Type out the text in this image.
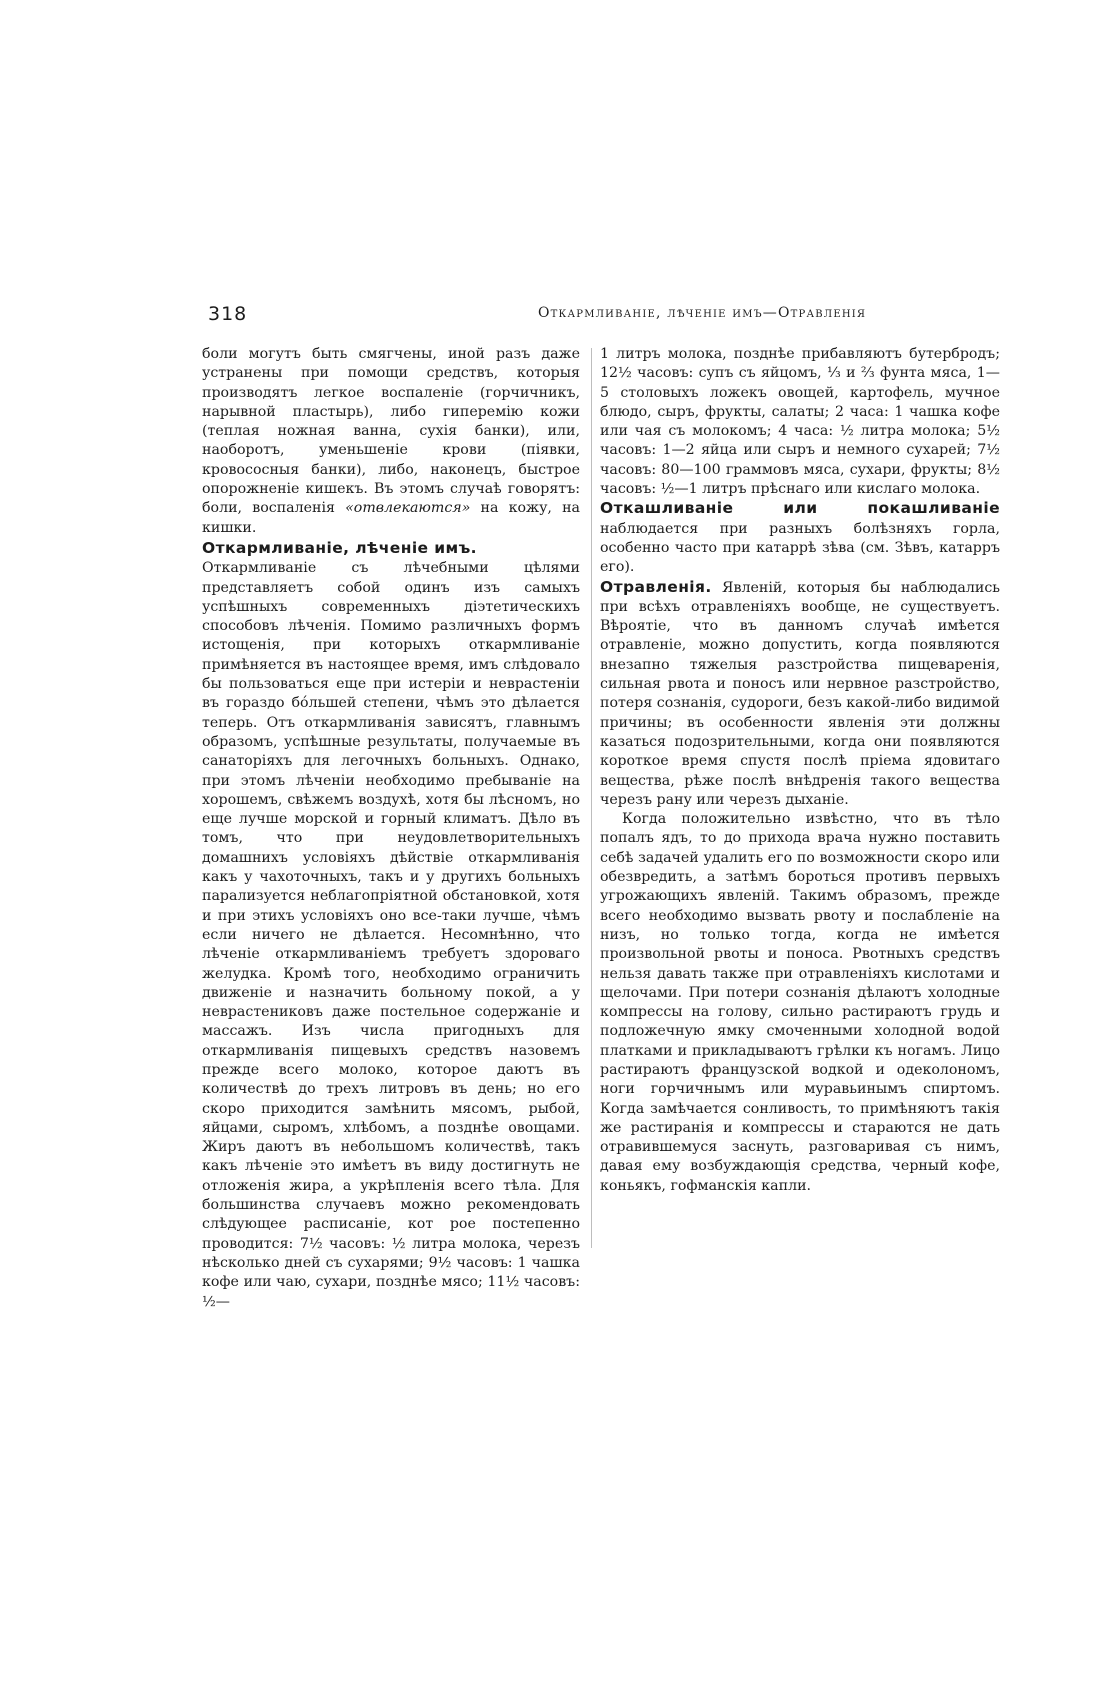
318	Откармливаніе, лѣченіе имъ—Отравленія

боли могутъ быть смягчены, иной разъ даже устранены при помощи средствъ, которыя производятъ легкое воспаленіе (горчичникъ, нарывной пластырь), либо гиперемію кожи (теплая ножная ванна, сухія банки), или, наоборотъ, уменьшеніе крови (піявки, кровососныя банки), либо, наконецъ, быстрое опорожненіе кишекъ. Въ этомъ случаѣ говорятъ: боли, воспаленія «отвлекаются» на кожу, на кишки.

Откармливаніе, лѣченіе имъ.

Откармливаніе съ лѣчебными цѣлями представляетъ собой одинъ изъ самыхъ успѣшныхъ современныхъ діэтетическихъ способовъ лѣченія. Помимо различныхъ формъ истощенія, при которыхъ откармливаніе примѣняется въ настоящее время, имъ слѣдовало бы пользоваться еще при истеріи и неврастеніи въ гораздо бóльшей степени, чѣмъ это дѣлается теперь. Отъ откармливанія зависятъ, главнымъ образомъ, успѣшные результаты, получаемые въ санаторіяхъ для легочныхъ больныхъ. Однако, при этомъ лѣченіи необходимо пребываніе на хорошемъ, свѣжемъ воздухѣ, хотя бы лѣсномъ, но еще лучше морской и горный климатъ. Дѣло въ томъ, что при неудовлетворительныхъ домашнихъ условіяхъ дѣйствіе откармливанія какъ у чахоточныхъ, такъ и у другихъ больныхъ парализуется неблагопріятной обстановкой, хотя и при этихъ условіяхъ оно все-таки лучше, чѣмъ если ничего не дѣлается. Несомнѣнно, что лѣченіе откармливаніемъ требуетъ здороваго желудка. Кромѣ того, необходимо ограничить движеніе и назначить больному покой, а у неврастениковъ даже постельное содержаніе и массажъ. Изъ числа пригодныхъ для откармливанія пищевыхъ средствъ назовемъ прежде всего молоко, которое даютъ въ количествѣ до трехъ литровъ въ день; но его скоро приходится замѣнить мясомъ, рыбой, яйцами, сыромъ, хлѣбомъ, а позднѣе овощами. Жиръ даютъ въ небольшомъ количествѣ, такъ какъ лѣченіе это имѣетъ въ виду достигнуть не отложенія жира, а укрѣпленія всего тѣла. Для большинства случаевъ можно рекомендовать слѣдующее расписаніе, кот рое постепенно проводится: 7½ часовъ: ½ литра молока, черезъ нѣсколько дней съ сухарями; 9½ часовъ: 1 чашка кофе или чаю, сухари, позднѣе мясо; 11½ часовъ: ½—

1 литръ молока, позднѣе прибавляютъ бутербродъ; 12½ часовъ: супъ съ яйцомъ, ⅓ и ⅔ фунта мяса, 1—5 столовыхъ ложекъ овощей, картофель, мучное блюдо, сыръ, фрукты, салаты; 2 часа: 1 чашка кофе или чая съ молокомъ; 4 часа: ½ литра молока; 5½ часовъ: 1—2 яйца или сыръ и немного сухарей; 7½ часовъ: 80—100 граммовъ мяса, сухари, фрукты; 8½ часовъ: ½—1 литръ прѣснаго или кислаго молока.

Откашливаніе или покашливаніе наблюдается при разныхъ болѣзняхъ горла, особенно часто при катаррѣ зѣва (см. Зѣвъ, катарръ его).

Отравленія. Явленій, которыя бы наблюдались при всѣхъ отравленіяхъ вообще, не существуетъ. Вѣроятіе, что въ данномъ случаѣ имѣется отравленіе, можно допустить, когда появляются внезапно тяжелыя разстройства пищеваренія, сильная рвота и поносъ или нервное разстройство, потеря сознанія, судороги, безъ какой-либо видимой причины; въ особенности явленія эти должны казаться подозрительными, когда они появляются короткое время спустя послѣ пріема ядовитаго вещества, рѣже послѣ внѣдренія такого вещества черезъ рану или черезъ дыханіе.

Когда положительно извѣстно, что въ тѣло попалъ ядъ, то до прихода врача нужно поставить себѣ задачей удалить его по возможности скоро или обезвредить, а затѣмъ бороться противъ первыхъ угрожающихъ явленій. Такимъ образомъ, прежде всего необходимо вызвать рвоту и послабленіе на низъ, но только тогда, когда не имѣется произвольной рвоты и поноса. Рвотныхъ средствъ нельзя давать также при отравленіяхъ кислотами и щелочами. При потери сознанія дѣлаютъ холодные компрессы на голову, сильно растираютъ грудь и подложечную ямку смоченными холодной водой платками и прикладываютъ грѣлки къ ногамъ. Лицо растираютъ французской водкой и одеколономъ, ноги горчичнымъ или муравьинымъ спиртомъ. Когда замѣчается сонливость, то примѣняютъ такія же растиранія и компрессы и стараются не дать отравившемуся заснуть, разговаривая съ нимъ, давая ему возбуждающія средства, черный кофе, коньякъ, гофманскія капли.
